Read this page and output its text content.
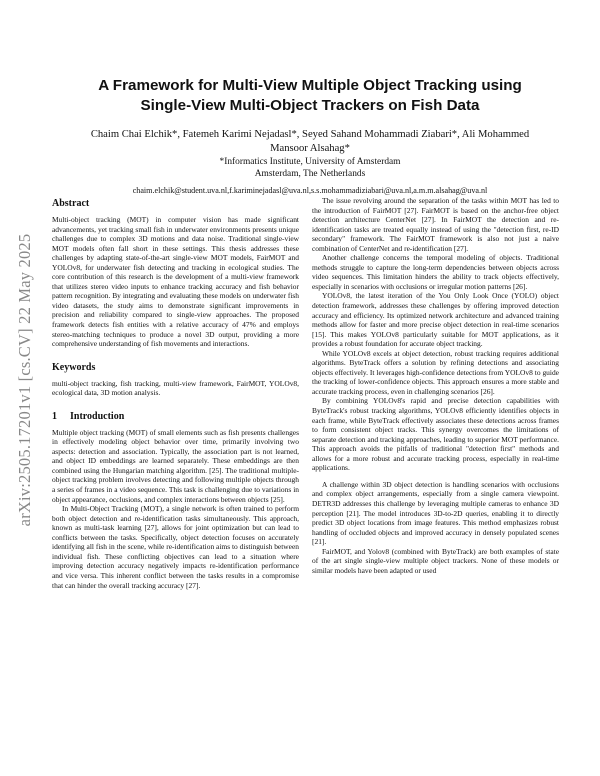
arXiv:2505.17201v1 [cs.CV] 22 May 2025

A Framework for Multi-View Multiple Object Tracking using
Single-View Multi-Object Trackers on Fish Data

Chaim Chai Elchik*, Fatemeh Karimi Nejadasl*, Seyed Sahand Mohammadi Ziabari*, Ali Mohammed
Mansoor Alsahag*
*Informatics Institute, University of Amsterdam
Amsterdam, The Netherlands
chaim.elchik@student.uva.nl,f.kariminejadasl@uva.nl,s.s.mohammadiziabari@uva.nl,a.m.m.alsahag@uva.nl
Abstract

Multi-object tracking (MOT) in computer vision has made significant advancements, yet tracking small fish in underwater environments presents unique challenges due to complex 3D motions and data noise. Traditional single-view MOT models often fall short in these settings. This thesis addresses these challenges by adapting state-of-the-art single-view MOT models, FairMOT and YOLOv8, for underwater fish detecting and tracking in ecological studies. The core contribution of this research is the development of a multi-view framework that utilizes stereo video inputs to enhance tracking accuracy and fish behavior pattern recognition. By integrating and evaluating these models on underwater fish video datasets, the study aims to demonstrate significant improvements in precision and reliability compared to single-view approaches. The proposed framework detects fish entities with a relative accuracy of 47% and employs stereo-matching techniques to produce a novel 3D output, providing a more comprehensive understanding of fish movements and interactions.

Keywords

multi-object tracking, fish tracking, multi-view framework, FairMOT, YOLOv8, ecological data, 3D motion analysis.

1 Introduction

Multiple object tracking (MOT) of small elements such as fish presents challenges in effectively modeling object behavior over time, primarily involving two aspects: detection and association. Typically, the association part is not learned, and object ID embeddings are learned separately. These embeddings are then combined using the Hungarian matching algorithm. [25]. The traditional multiple-object tracking problem involves detecting and following multiple objects through a series of frames in a video sequence. This task is challenging due to variations in object appearance, occlusions, and complex interactions between objects [25].

In Multi-Object Tracking (MOT), a single network is often trained to perform both object detection and re-identification tasks simultaneously. This approach, known as multi-task learning [27], allows for joint optimization but can lead to conflicts between the tasks. Specifically, object detection focuses on accurately identifying all fish in the scene, while re-identification aims to distinguish between individual fish. These conflicting objectives can lead to a situation where improving detection accuracy negatively impacts re-identification performance and vice versa. This inherent conflict between the tasks results in a compromise that can hinder the overall tracking accuracy [27].

The issue revolving around the separation of the tasks within MOT has led to the introduction of FairMOT [27]. FairMOT is based on the anchor-free object detection architecture CenterNet [27]. In FairMOT the detection and re-identification tasks are treated equally instead of using the "detection first, re-ID secondary" framework. The FairMOT framework is also not just a naive combination of CenterNet and re-identification [27].

Another challenge concerns the temporal modeling of objects. Traditional methods struggle to capture the long-term dependencies between objects across video sequences. This limitation hinders the ability to track objects effectively, especially in scenarios with occlusions or irregular motion patterns [26].

YOLOv8, the latest iteration of the You Only Look Once (YOLO) object detection framework, addresses these challenges by offering improved detection accuracy and efficiency. Its optimized network architecture and advanced training methods allow for faster and more precise object detection in real-time scenarios [15]. This makes YOLOv8 particularly suitable for MOT applications, as it provides a robust foundation for accurate object tracking.

While YOLOv8 excels at object detection, robust tracking requires additional algorithms. ByteTrack offers a solution by refining detections and associating objects effectively. It leverages high-confidence detections from YOLOv8 to guide the tracking of lower-confidence objects. This approach ensures a more stable and accurate tracking process, even in challenging scenarios [26].

By combining YOLOv8's rapid and precise detection capabilities with ByteTrack's robust tracking algorithms, YOLOv8 efficiently identifies objects in each frame, while ByteTrack effectively associates these detections across frames to form consistent object tracks. This synergy overcomes the limitations of separate detection and tracking approaches, leading to superior MOT performance. This approach avoids the pitfalls of traditional "detection first" methods and allows for a more robust and accurate tracking process, especially in real-time applications.

A challenge within 3D object detection is handling scenarios with occlusions and complex object arrangements, especially from a single camera viewpoint. DETR3D addresses this challenge by leveraging multiple cameras to enhance 3D perception [21]. The model introduces 3D-to-2D queries, enabling it to directly predict 3D object locations from image features. This method emphasizes robust handling of occluded objects and improved accuracy in densely populated scenes [21].

FairMOT, and Yolov8 (combined with ByteTrack) are both examples of state of the art single single-view multiple object trackers. None of these models or similar models have been adapted or used
